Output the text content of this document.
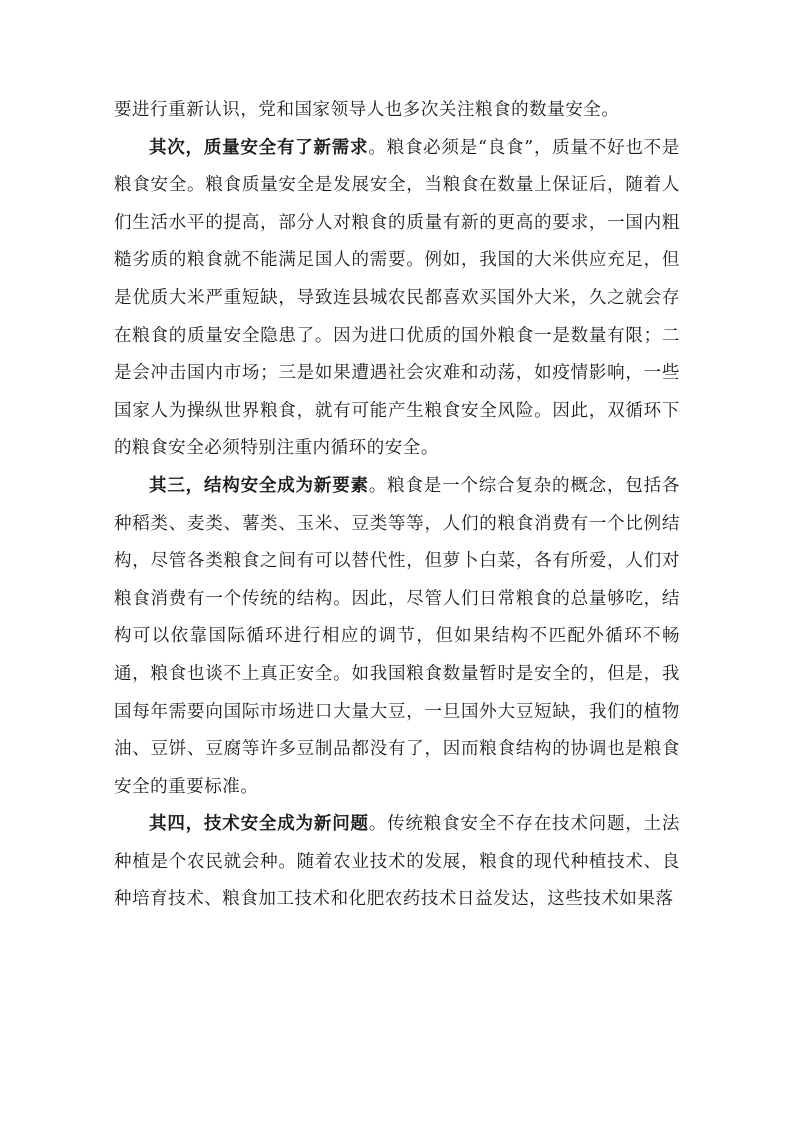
要进行重新认识，党和国家领导人也多次关注粮食的数量安全。

其次，质量安全有了新需求。粮食必须是“良食”，质量不好也不是粮食安全。粮食质量安全是发展安全，当粮食在数量上保证后，随着人们生活水平的提高，部分人对粮食的质量有新的更高的要求，一国内粗糙劣质的粮食就不能满足国人的需要。例如，我国的大米供应充足，但是优质大米严重短缺，导致连县城农民都喜欢买国外大米，久之就会存在粮食的质量安全隐患了。因为进口优质的国外粮食一是数量有限；二是会冲击国内市场；三是如果遭遇社会灾难和动荡，如疫情影响，一些国家人为操纵世界粮食，就有可能产生粮食安全风险。因此，双循环下的粮食安全必须特别注重内循环的安全。

其三，结构安全成为新要素。粮食是一个综合复杂的概念，包括各种稻类、麦类、薯类、玉米、豆类等等，人们的粮食消费有一个比例结构，尽管各类粮食之间有可以替代性，但萝卜白菜，各有所爱，人们对粮食消费有一个传统的结构。因此，尽管人们日常粮食的总量够吃，结构可以依靠国际循环进行相应的调节，但如果结构不匹配外循环不畅通，粮食也谈不上真正安全。如我国粮食数量暂时是安全的，但是，我国每年需要向国际市场进口大量大豆，一旦国外大豆短缺，我们的植物油、豆饼、豆腐等许多豆制品都没有了，因而粮食结构的协调也是粮食安全的重要标准。

其四，技术安全成为新问题。传统粮食安全不存在技术问题，土法种植是个农民就会种。随着农业技术的发展，粮食的现代种植技术、良种培育技术、粮食加工技术和化肥农药技术日益发达，这些技术如果落
